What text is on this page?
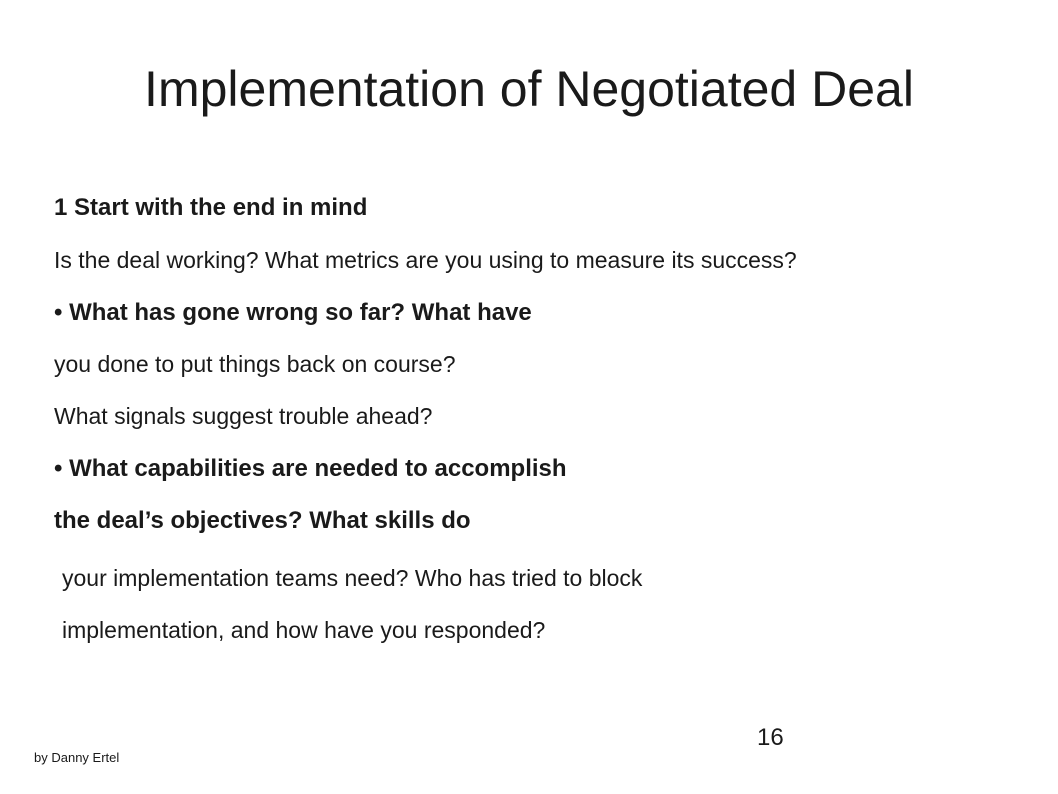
Implementation of Negotiated Deal
1 Start with the end in mind
Is the deal working? What metrics are you using to measure its success?
• What has gone wrong so far? What have
you done to put things back on course?
What signals suggest trouble ahead?
• What capabilities are needed to accomplish
the deal’s objectives? What skills do
your implementation teams need? Who has tried to block
implementation, and how have you responded?
by Danny Ertel
16
